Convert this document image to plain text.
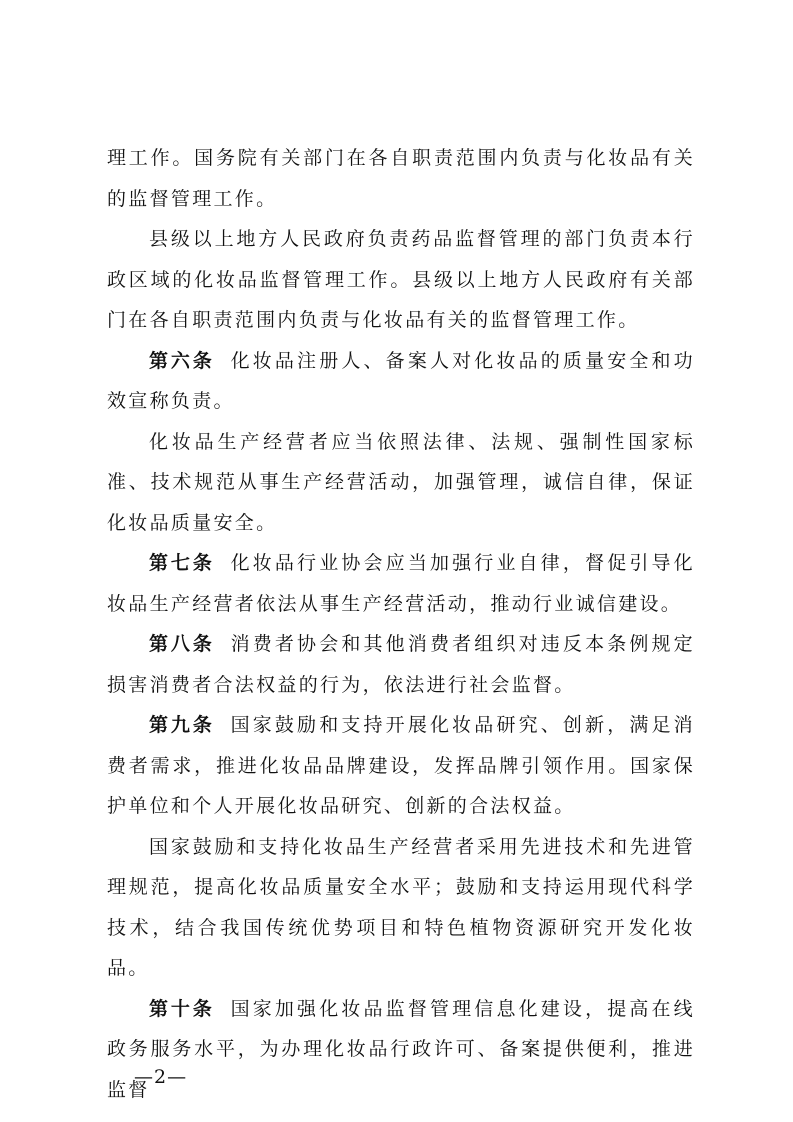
理工作。国务院有关部门在各自职责范围内负责与化妆品有关的监督管理工作。

县级以上地方人民政府负责药品监督管理的部门负责本行政区域的化妆品监督管理工作。县级以上地方人民政府有关部门在各自职责范围内负责与化妆品有关的监督管理工作。

第六条 化妆品注册人、备案人对化妆品的质量安全和功效宣称负责。

化妆品生产经营者应当依照法律、法规、强制性国家标准、技术规范从事生产经营活动，加强管理，诚信自律，保证化妆品质量安全。

第七条 化妆品行业协会应当加强行业自律，督促引导化妆品生产经营者依法从事生产经营活动，推动行业诚信建设。

第八条 消费者协会和其他消费者组织对违反本条例规定损害消费者合法权益的行为，依法进行社会监督。

第九条 国家鼓励和支持开展化妆品研究、创新，满足消费者需求，推进化妆品品牌建设，发挥品牌引领作用。国家保护单位和个人开展化妆品研究、创新的合法权益。

国家鼓励和支持化妆品生产经营者采用先进技术和先进管理规范，提高化妆品质量安全水平；鼓励和支持运用现代科学技术，结合我国传统优势项目和特色植物资源研究开发化妆品。

第十条 国家加强化妆品监督管理信息化建设，提高在线政务服务水平，为办理化妆品行政许可、备案提供便利，推进监督

—2—
